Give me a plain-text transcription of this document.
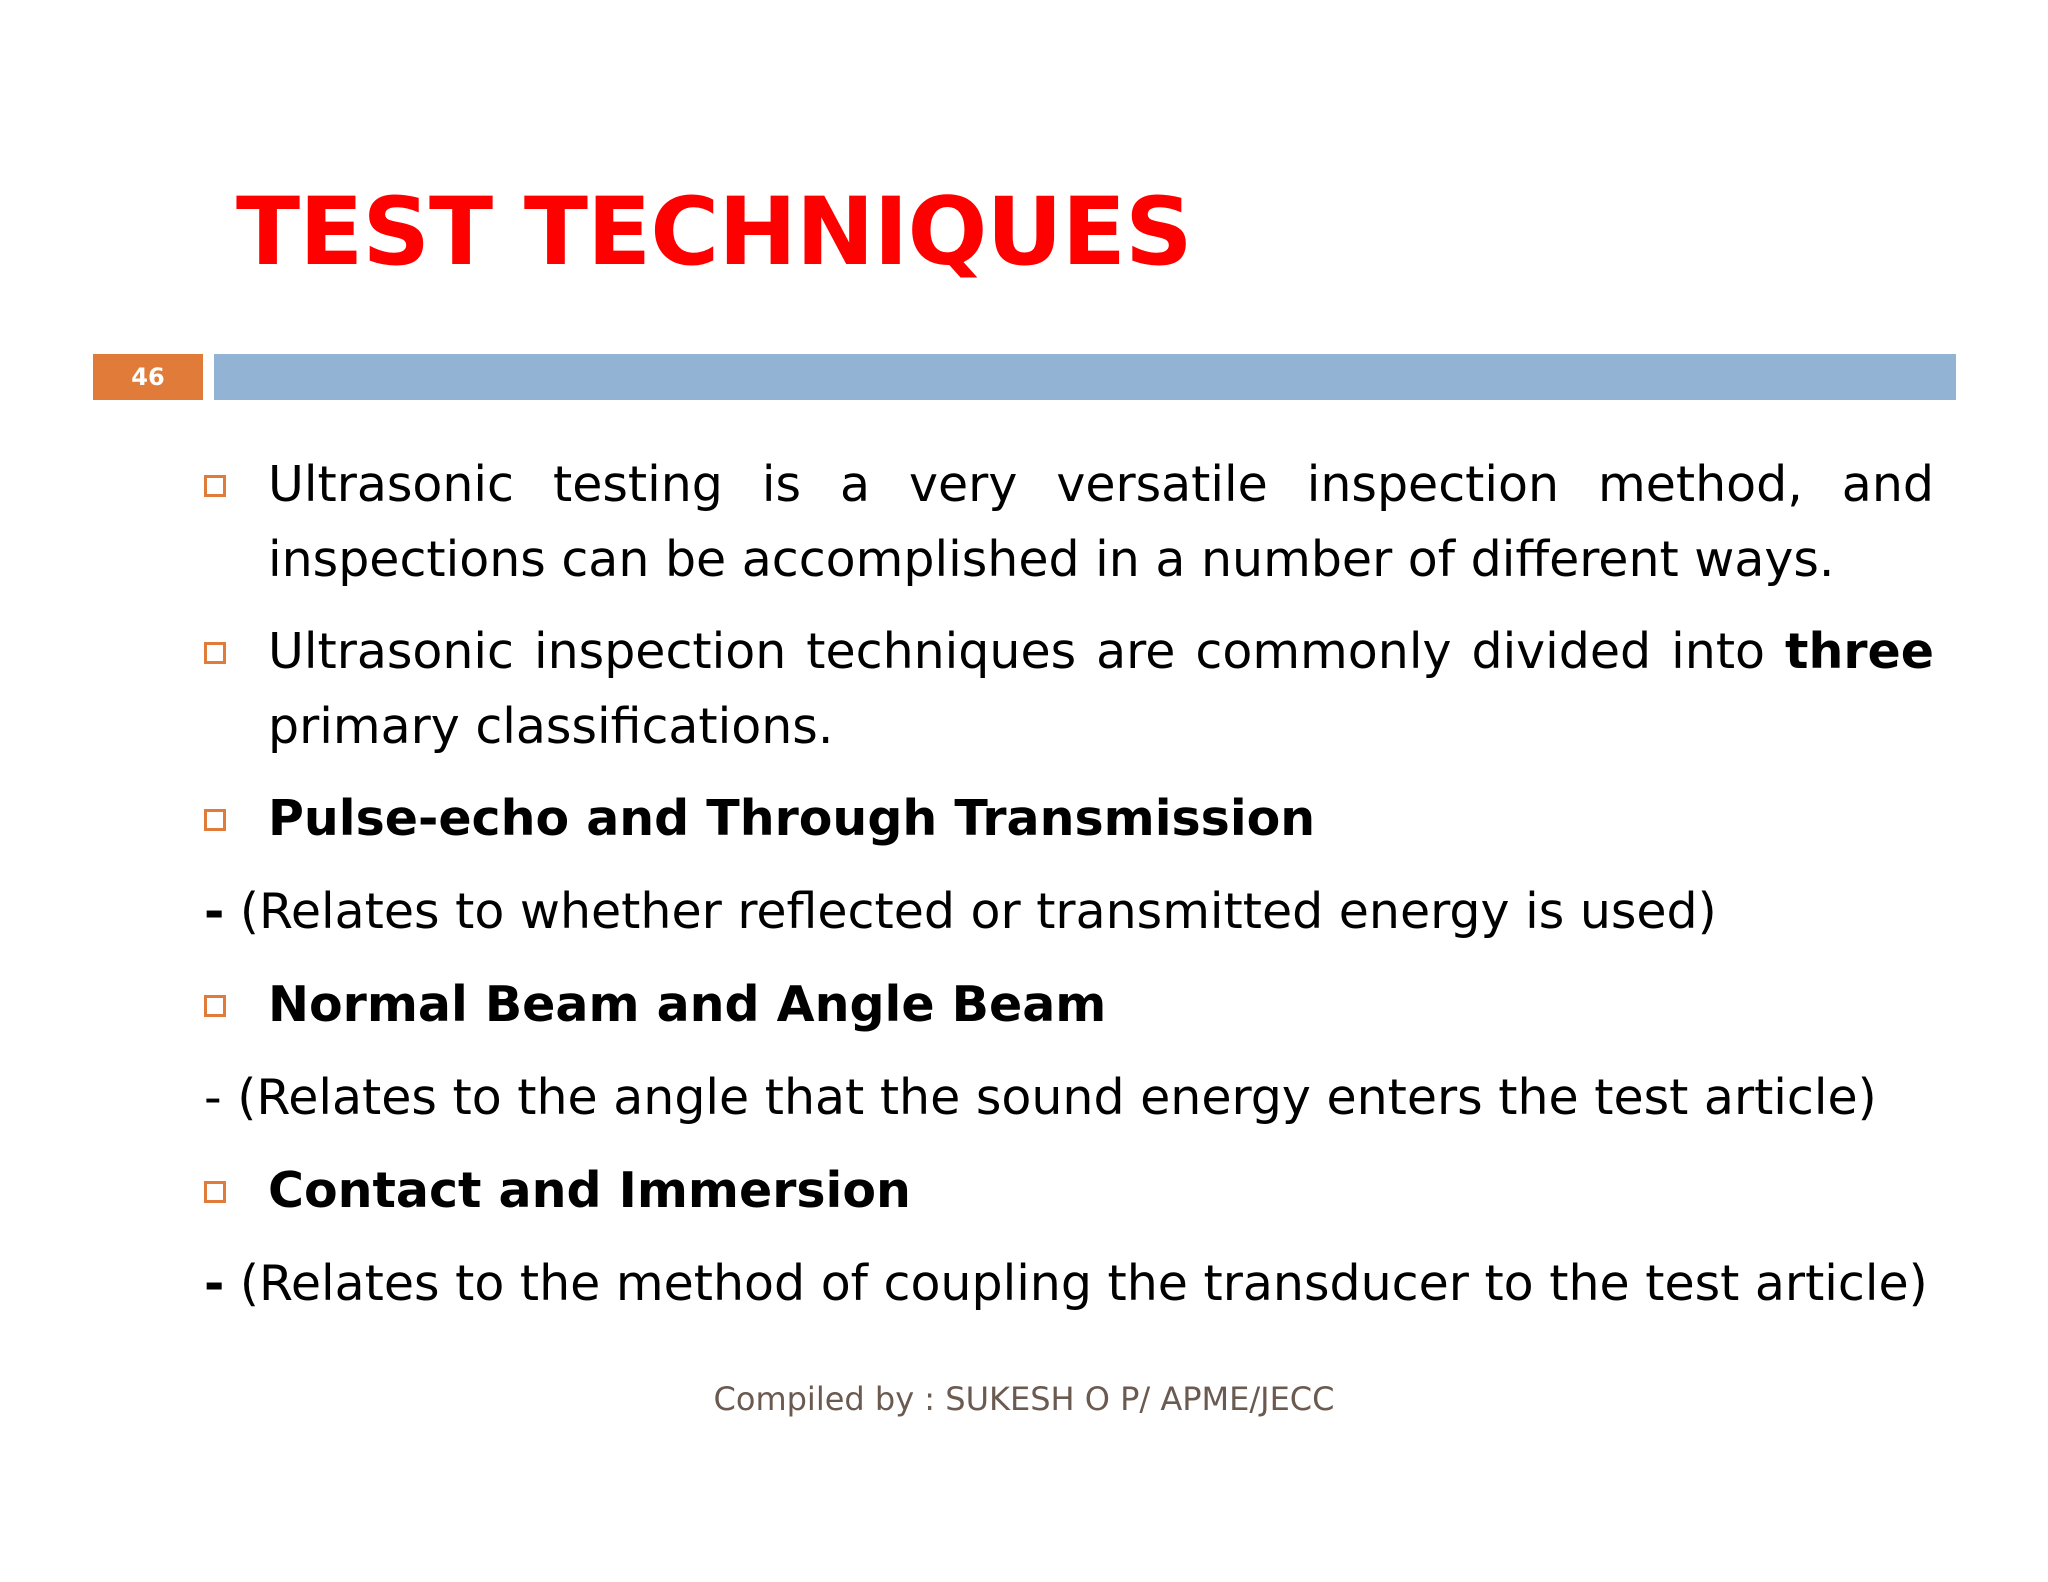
TEST TECHNIQUES
46
Ultrasonic testing is a very versatile inspection method, and inspections can be accomplished in a number of different ways.
Ultrasonic inspection techniques are commonly divided into three primary classifications.
Pulse-echo and Through Transmission
- (Relates to whether reflected or transmitted energy is used)
Normal Beam and Angle Beam
- (Relates to the angle that the sound energy enters the test article)
Contact and Immersion
- (Relates to the method of coupling the transducer to the test article)
Compiled by : SUKESH O P/ APME/JECC
